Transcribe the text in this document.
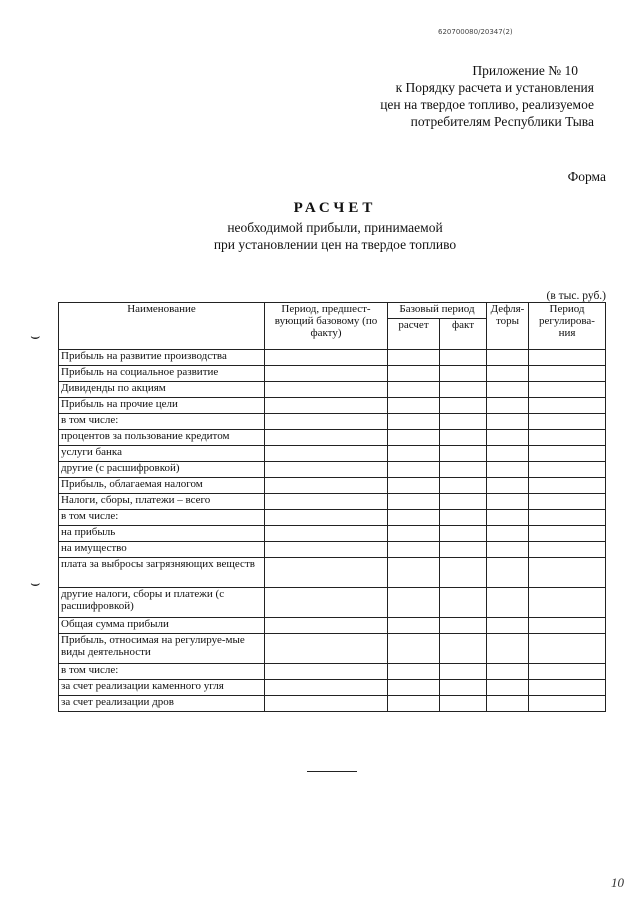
620700080/20347(2)
Приложение № 10
к Порядку расчета и установления
цен на твердое топливо, реализуемое
потребителям Республики Тыва
Форма
РАСЧЕТ
необходимой прибыли, принимаемой
при установлении цен на твердое топливо
(в тыс. руб.)
Наименование	Период, предшест-вующий базовому (по факту)	Базовый период		Дефля-торы	Период регулирова-ния
		расчет	факт		
Прибыль на развитие производства					
Прибыль на социальное развитие					
Дивиденды по акциям					
Прибыль на прочие цели					
в том числе:					
процентов за пользование кредитом					
услуги банка					
другие (с расшифровкой)					
Прибыль, облагаемая налогом					
Налоги, сборы, платежи – всего					
в том числе:					
на прибыль					
на имущество					
плата за выбросы загрязняющих веществ					
другие налоги, сборы и платежи (с расшифровкой)					
Общая сумма прибыли					
Прибыль, относимая на регулируе-мые виды деятельности					
в том числе:					
за счет реализации каменного угля					
за счет реализации дров					
⌣
⌣
10
